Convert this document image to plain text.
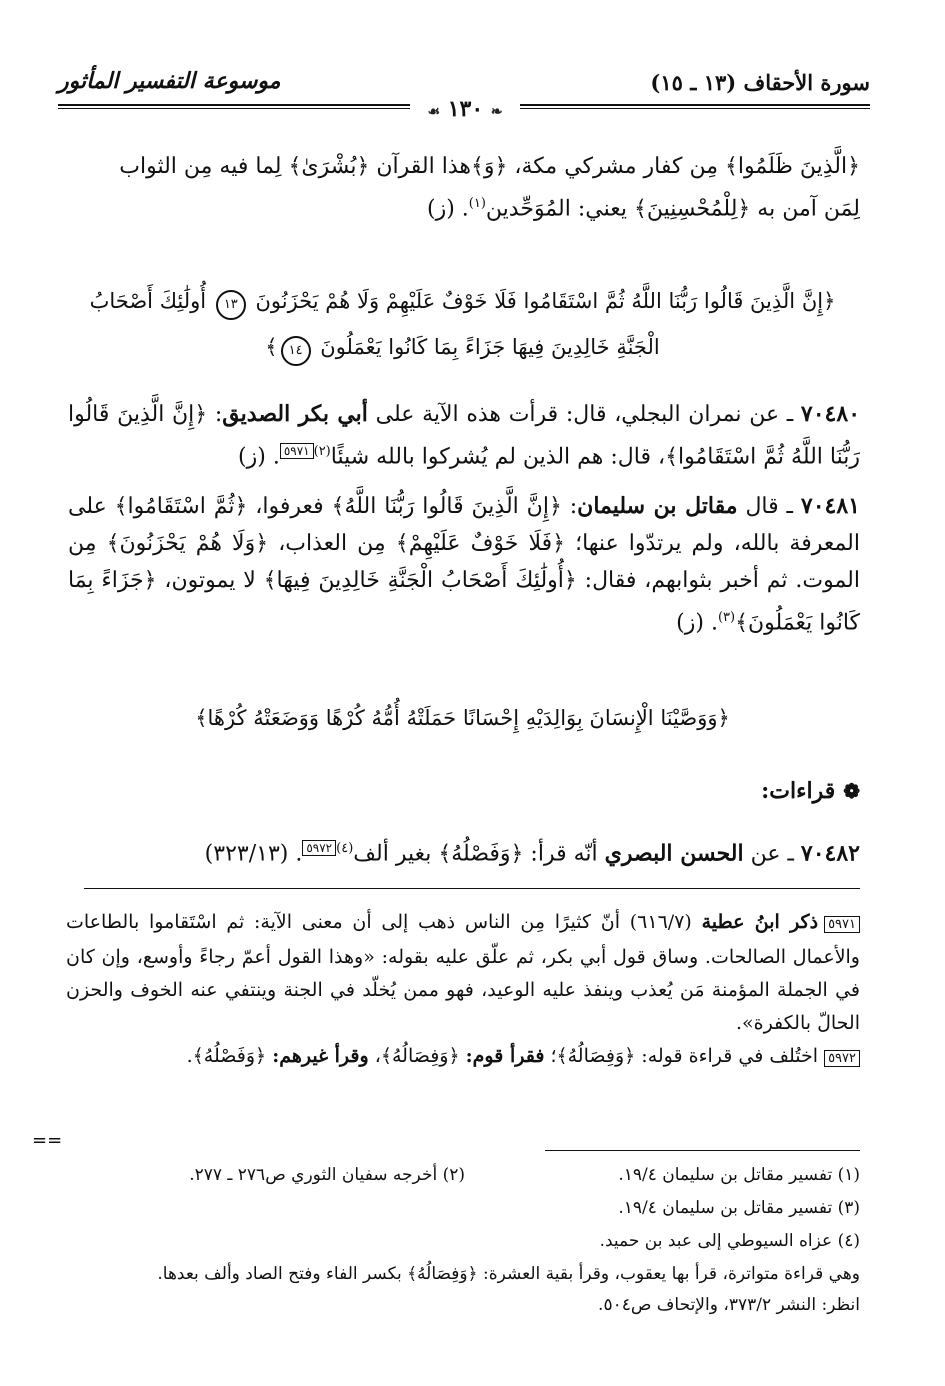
سورة الأحقاف (١٣ ـ ١٥)
موسوعة التفسير المأثور
❧ ١٣٠ ☙

﴿الَّذِينَ ظَلَمُوا﴾ مِن كفار مشركي مكة، ﴿وَ﴾هذا القرآن ﴿بُشْرَىٰ﴾ لِما فيه مِن الثواب

لِمَن آمن به ﴿لِلْمُحْسِنِينَ﴾ يعني: المُوَحِّدين$^{(١)}$. (ز)

﴿إِنَّ الَّذِينَ قَالُوا رَبُّنَا اللَّهُ ثُمَّ اسْتَقَامُوا فَلَا خَوْفٌ عَلَيْهِمْ وَلَا هُمْ يَحْزَنُونَ ١٣ أُولَٰئِكَ أَصْحَابُ
الْجَنَّةِ خَالِدِينَ فِيهَا جَزَاءً بِمَا كَانُوا يَعْمَلُونَ ١٤﴾

٧٠٤٨٠ ـ عن نمران البجلي، قال: قرأت هذه الآية على أبي بكر الصديق: ﴿إِنَّ الَّذِينَ قَالُوا رَبُّنَا اللَّهُ ثُمَّ اسْتَقَامُوا﴾، قال: هم الذين لم يُشركوا بالله شيئًا$^{(٢)٥٩٧١}$. (ز)

٧٠٤٨١ ـ قال مقاتل بن سليمان: ﴿إِنَّ الَّذِينَ قَالُوا رَبُّنَا اللَّهُ﴾ فعرفوا، ﴿ثُمَّ اسْتَقَامُوا﴾ على المعرفة بالله، ولم يرتدّوا عنها؛ ﴿فَلَا خَوْفٌ عَلَيْهِمْ﴾ مِن العذاب، ﴿وَلَا هُمْ يَحْزَنُونَ﴾ مِن الموت. ثم أخبر بثوابهم، فقال: ﴿أُولَٰئِكَ أَصْحَابُ الْجَنَّةِ خَالِدِينَ فِيهَا﴾ لا يموتون، ﴿جَزَاءً بِمَا كَانُوا يَعْمَلُونَ﴾$^{(٣)}$. (ز)

﴿وَوَصَّيْنَا الْإِنسَانَ بِوَالِدَيْهِ إِحْسَانًا حَمَلَتْهُ أُمُّهُ كُرْهًا وَوَضَعَتْهُ كُرْهًا﴾
❁قراءات:

٧٠٤٨٢ ـ عن الحسن البصري أنّه قرأ: ﴿وَفَصْلُهُ﴾ بغير ألف$^{(٤)٥٩٧٢}$. (٣٢٣/١٣)

٥٩٧١ذكر ابنُ عطية (٦١٦/٧) أنّ كثيرًا مِن الناس ذهب إلى أن معنى الآية: ثم اسْتَقاموا بالطاعات والأعمال الصالحات. وساق قول أبي بكر، ثم علّق عليه بقوله: «وهذا القول أعمّ رجاءً وأوسع، وإن كان في الجملة المؤمنة مَن يُعذب وينفذ عليه الوعيد، فهو ممن يُخلّد في الجنة وينتفي عنه الخوف والحزن الحالّ بالكفرة».

٥٩٧٢اختُلف في قراءة قوله: ﴿وَفِصَالُهُ﴾؛ فقرأ قوم: ﴿وَفِصَالُهُ﴾، وقرأ غيرهم: ﴿وَفَصْلُهُ﴾.

==
(١) تفسير مقاتل بن سليمان ١٩/٤.
(٢) أخرجه سفيان الثوري ص٢٧٦ ـ ٢٧٧.
(٣) تفسير مقاتل بن سليمان ١٩/٤.
(٤) عزاه السيوطي إلى عبد بن حميد.
وهي قراءة متواترة، قرأ بها يعقوب، وقرأ بقية العشرة: ﴿وَفِصَالُهُ﴾ بكسر الفاء وفتح الصاد وألف بعدها.
انظر: النشر ٣٧٣/٢، والإتحاف ص٥٠٤.
